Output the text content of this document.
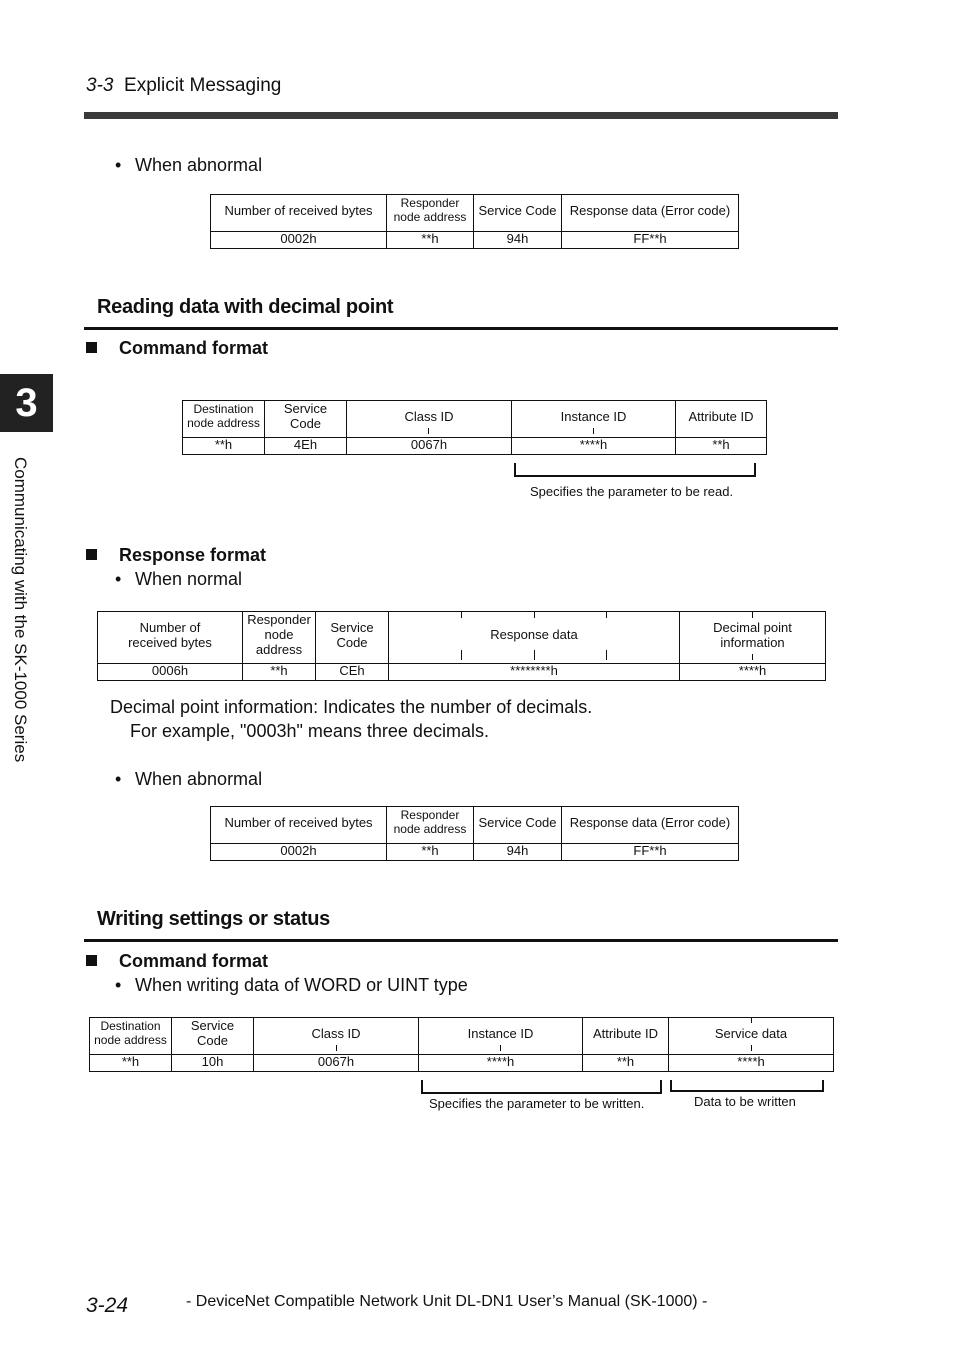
3-3 Explicit Messaging
3
Communicating with the SK-1000 Series
• When abnormal
Number of received bytes	Responder node address	Service Code	Response data (Error code)

0002h	**h	94h	FF**h
Reading data with decimal point
Command format
Destination node address	Service Code	Class ID	Instance ID	Attribute ID

**h	4Eh	0067h	****h	**h
Specifies the parameter to be read.
Response format
• When normal
Number of received bytes	Responder node address	Service Code	Response data	Decimal point information

0006h	**h	CEh	********h	****h
Decimal point information: Indicates the number of decimals.
For example, "0003h" means three decimals.
• When abnormal
Number of received bytes	Responder node address	Service Code	Response data (Error code)

0002h	**h	94h	FF**h
Writing settings or status
Command format
• When writing data of WORD or UINT type
Destination node address	Service Code	Class ID	Instance ID	Attribute ID	Service data

**h	10h	0067h	****h	**h	****h
Specifies the parameter to be written.	Data to be written
3-24	- DeviceNet Compatible Network Unit DL-DN1 User’s Manual (SK-1000) -
